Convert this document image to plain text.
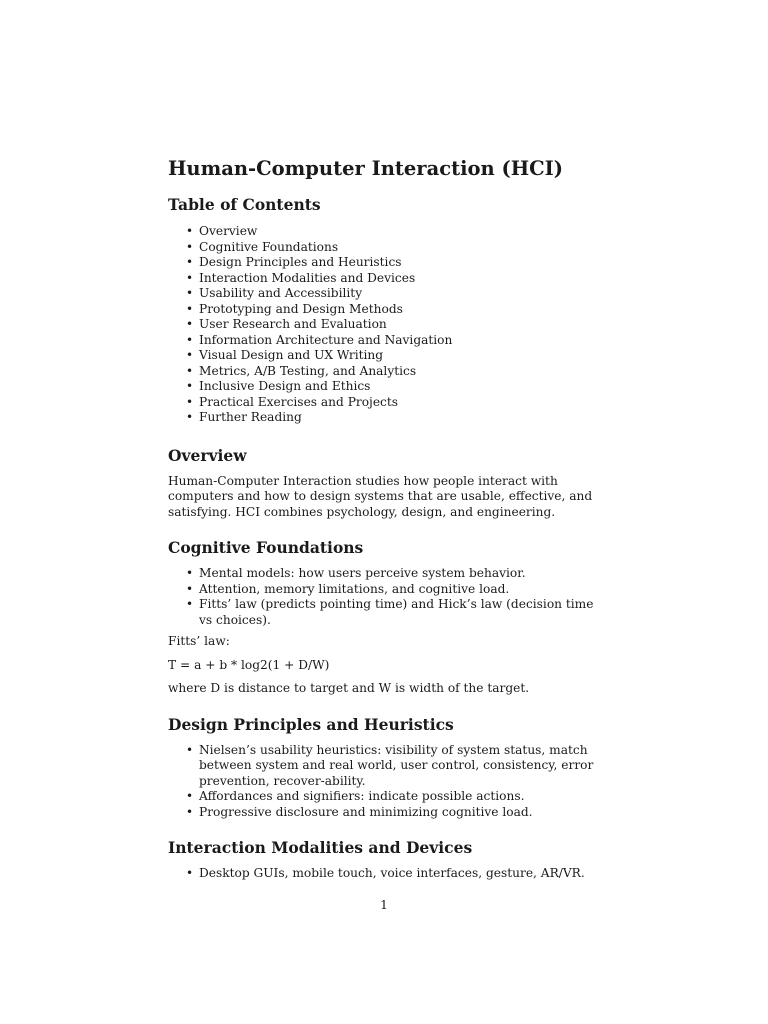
Human-Computer Interaction (HCI)
Table of Contents
• Overview
• Cognitive Foundations
• Design Principles and Heuristics
• Interaction Modalities and Devices
• Usability and Accessibility
• Prototyping and Design Methods
• User Research and Evaluation
• Information Architecture and Navigation
• Visual Design and UX Writing
• Metrics, A/B Testing, and Analytics
• Inclusive Design and Ethics
• Practical Exercises and Projects
• Further Reading
Overview

Human-Computer Interaction studies how people interact with computers and how to design systems that are usable, effective, and satisfying. HCI combines psychology, design, and engineering.

Cognitive Foundations
• Mental models: how users perceive system behavior.
• Attention, memory limitations, and cognitive load.
• Fitts’ law (predicts pointing time) and Hick’s law (decision time vs choices).

Fitts’ law:

T = a + b * log2(1 + D/W)

where D is distance to target and W is width of the target.

Design Principles and Heuristics
• Nielsen’s usability heuristics: visibility of system status, match between system and real world, user control, consistency, error prevention, recover-ability.
• Affordances and signifiers: indicate possible actions.
• Progressive disclosure and minimizing cognitive load.
Interaction Modalities and Devices
• Desktop GUIs, mobile touch, voice interfaces, gesture, AR/VR.
1
